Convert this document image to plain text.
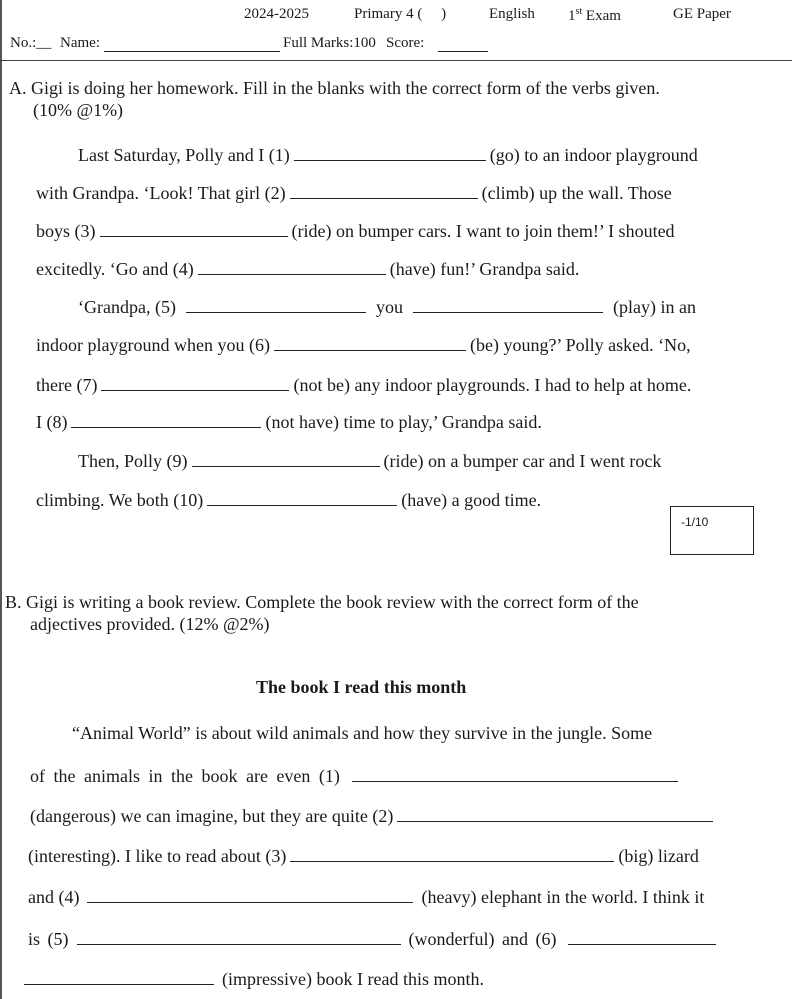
2024-2025	Primary 4 (     )	English 1st Exam	GE Paper
No.:__ Name:	Full Marks:100 Score:
A. Gigi is doing her homework. Fill in the blanks with the correct form of the verbs given.
(10% @1%)
Last Saturday, Polly and I (1)	(go) to an indoor playground
with Grandpa. ‘Look! That girl (2)	(climb) up the wall. Those
boys (3)	(ride) on bumper cars. I want to join them!’ I shouted
excitedly. ‘Go and (4)	(have) fun!’ Grandpa said.
‘Grandpa, (5)	you	(play) in an
indoor playground when you (6)	(be) young?’ Polly asked. ‘No,
there (7)	(not be) any indoor playgrounds. I had to help at home.
I (8)	(not have) time to play,’ Grandpa said.
Then, Polly (9)	(ride) on a bumper car and I went rock
climbing. We both (10)	(have) a good time.
-1/10
B. Gigi is writing a book review. Complete the book review with the correct form of the
adjectives provided. (12% @2%)
The book I read this month
“Animal World” is about wild animals and how they survive in the jungle. Some
of the animals in the book are even (1)
(dangerous) we can imagine, but they are quite (2)
(interesting). I like to read about (3)	(big) lizard
and (4)	(heavy) elephant in the world. I think it
is (5)	(wonderful) and (6)
(impressive) book I read this month.
